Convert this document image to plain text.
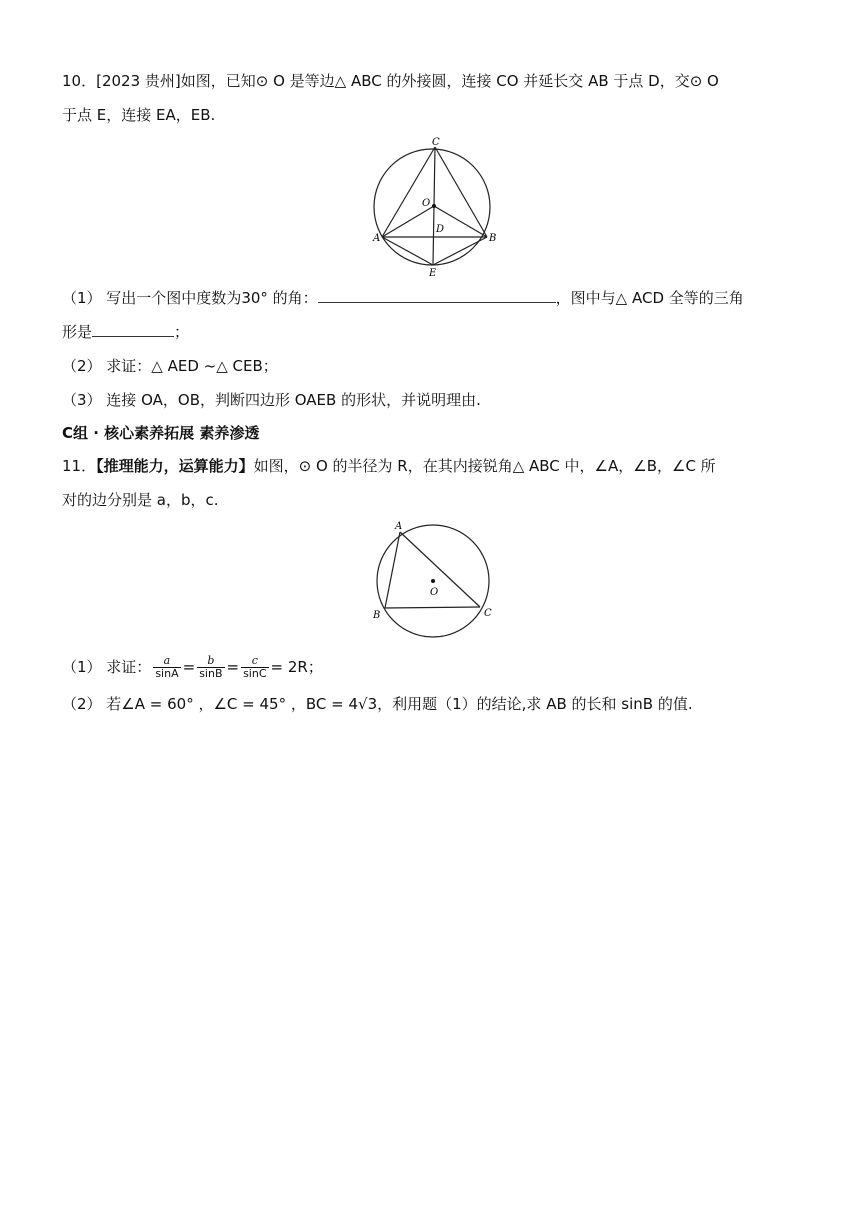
10．[2023 贵州]如图，已知⊙ O 是等边△ ABC 的外接圆，连接 CO 并延长交 AB 于点 D，交⊙ O
于点 E，连接 EA，EB.
C
O
A
D
B
E
（1） 写出一个图中度数为30° 的角：	，图中与△ ACD 全等的三角
形是	；
（2） 求证：△ AED ~△ CEB；
（3） 连接 OA，OB，判断四边形 OAEB 的形状，并说明理由.
C组 · 核心素养拓展 素养渗透
11．【推理能力，运算能力】如图，⊙ O 的半径为 R，在其内接锐角△ ABC 中，∠A，∠B，∠C 所
对的边分别是 a，b，c.
A
O
B	C
（1） 求证： $\frac{a}{\sin A} = \frac{b}{\sin B} = \frac{c}{\sin C} = 2R$；
（2） 若∠A = 60° ，∠C = 45° ，BC = 4√3，利用题（1）的结论,求 AB 的长和 sinB 的值.
